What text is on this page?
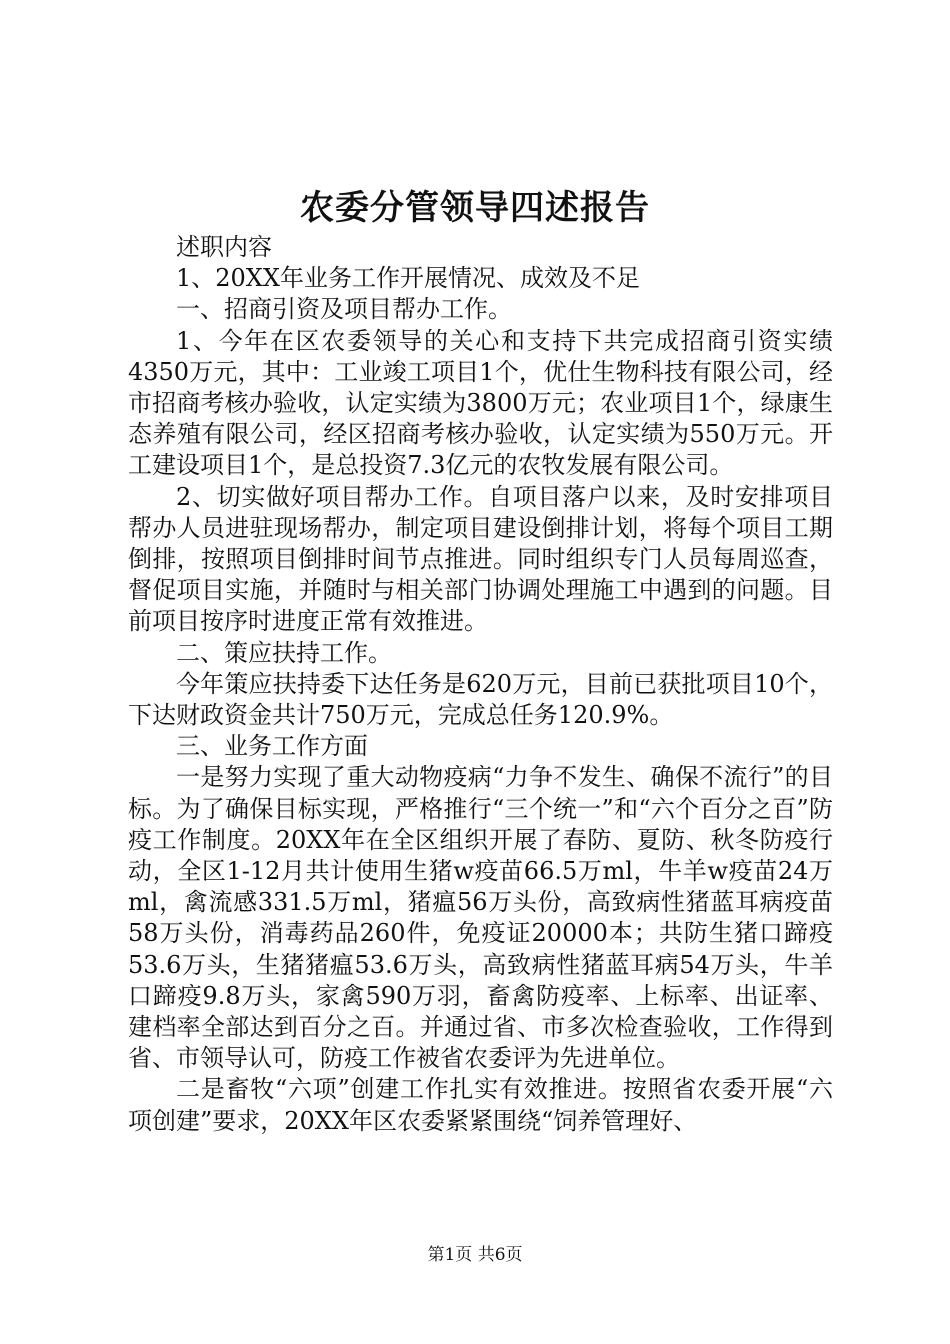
农委分管领导四述报告

述职内容

1、20XX年业务工作开展情况、成效及不足

一、招商引资及项目帮办工作。

1、今年在区农委领导的关心和支持下共完成招商引资实绩4350万元，其中：工业竣工项目1个，优仕生物科技有限公司，经市招商考核办验收，认定实绩为3800万元；农业项目1个，绿康生态养殖有限公司，经区招商考核办验收，认定实绩为550万元。开工建设项目1个，是总投资7.3亿元的农牧发展有限公司。

2、切实做好项目帮办工作。自项目落户以来，及时安排项目帮办人员进驻现场帮办，制定项目建设倒排计划，将每个项目工期倒排，按照项目倒排时间节点推进。同时组织专门人员每周巡查，督促项目实施，并随时与相关部门协调处理施工中遇到的问题。目前项目按序时进度正常有效推进。

二、策应扶持工作。

今年策应扶持委下达任务是620万元，目前已获批项目10个，下达财政资金共计750万元，完成总任务120.9%。

三、业务工作方面

一是努力实现了重大动物疫病“力争不发生、确保不流行”的目标。为了确保目标实现，严格推行“三个统一”和“六个百分之百”防疫工作制度。20XX年在全区组织开展了春防、夏防、秋冬防疫行动，全区1-12月共计使用生猪w疫苗66.5万ml，牛羊w疫苗24万ml，禽流感331.5万ml，猪瘟56万头份，高致病性猪蓝耳病疫苗58万头份，消毒药品260件，免疫证20000本；共防生猪口蹄疫53.6万头，生猪猪瘟53.6万头，高致病性猪蓝耳病54万头，牛羊口蹄疫9.8万头，家禽590万羽，畜禽防疫率、上标率、出证率、建档率全部达到百分之百。并通过省、市多次检查验收，工作得到省、市领导认可，防疫工作被省农委评为先进单位。

二是畜牧“六项”创建工作扎实有效推进。按照省农委开展“六项创建”要求，20XX年区农委紧紧围绕“饲养管理好、

第1页 共6页
